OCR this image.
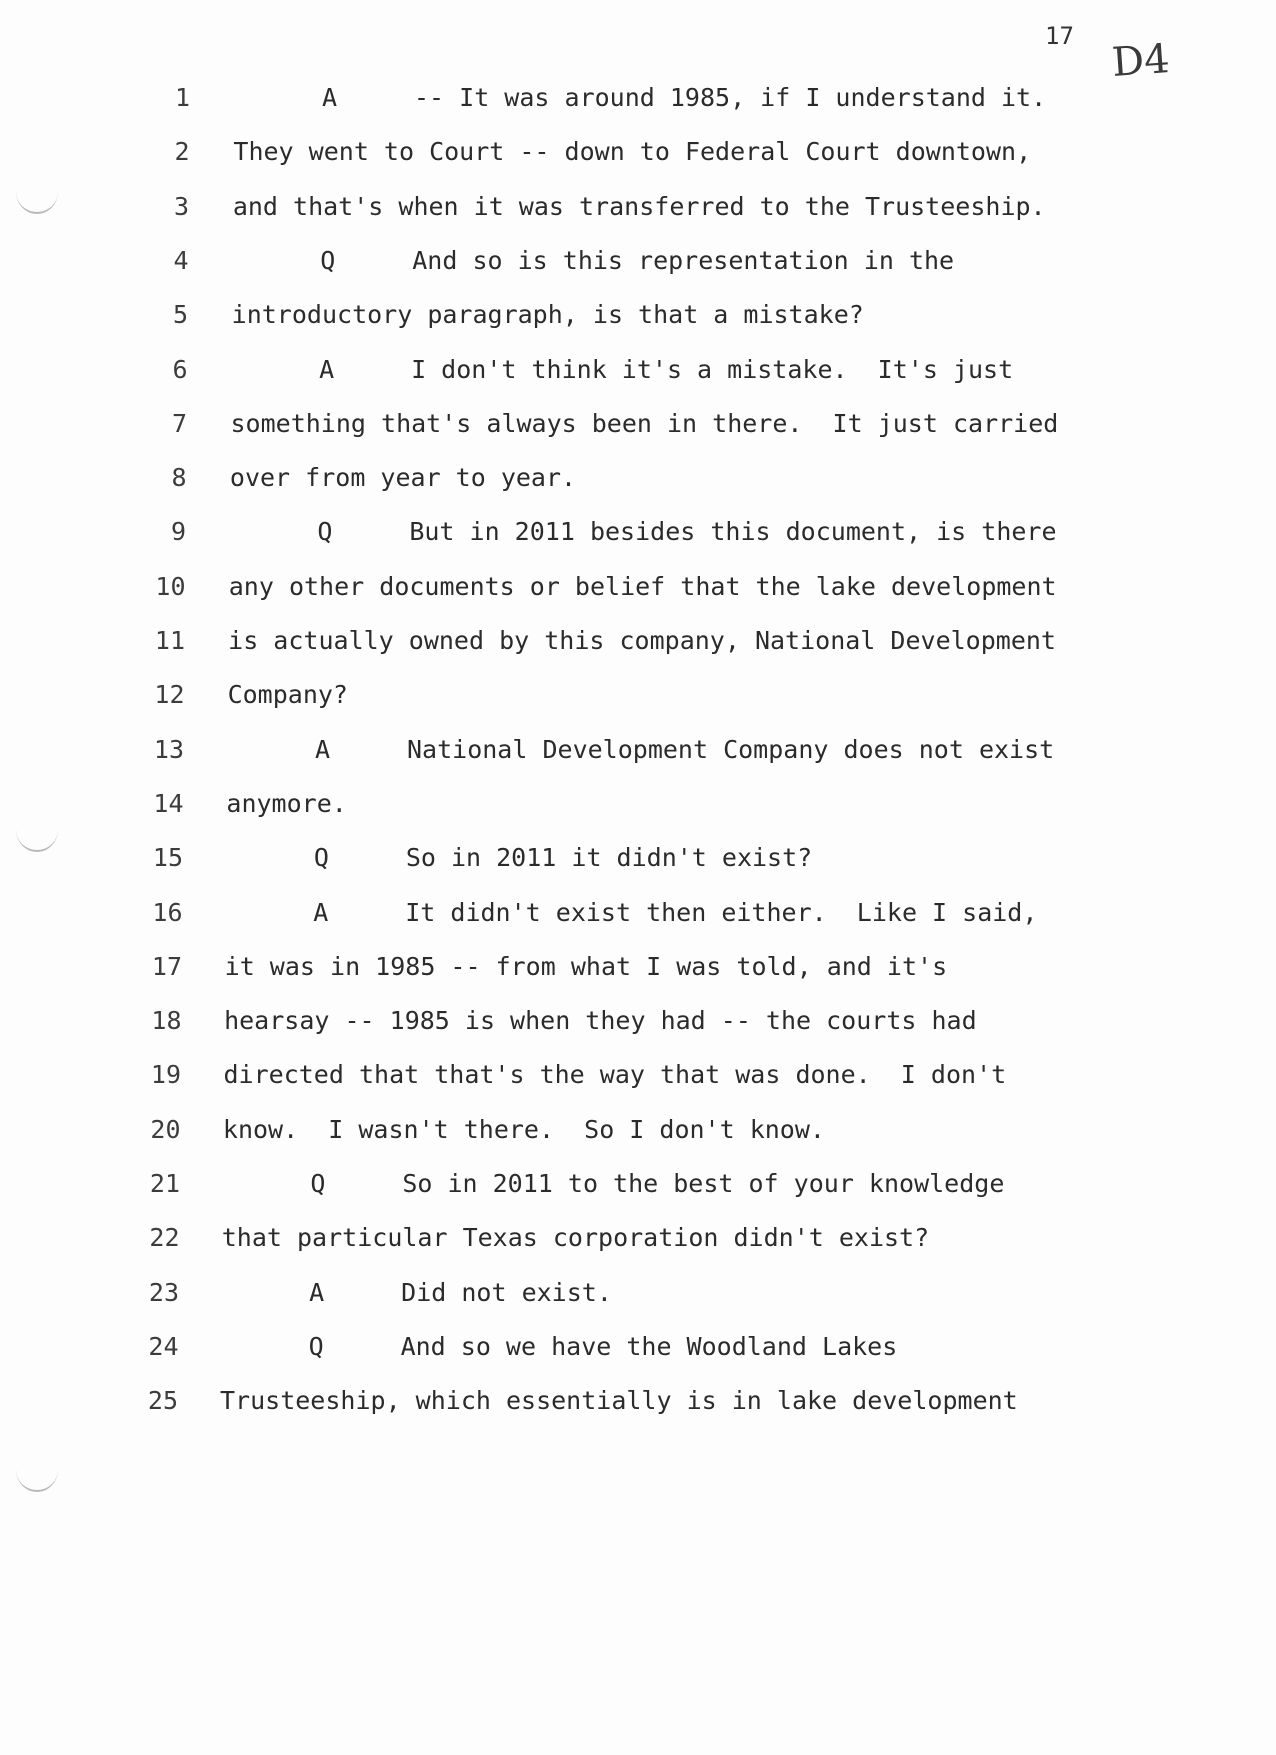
17
D4
1	A	-- It was around 1985, if I understand it.
2 They went to Court -- down to Federal Court downtown,
3 and that's when it was transferred to the Trusteeship.
4	Q	And so is this representation in the
5 introductory paragraph, is that a mistake?
6	A	I don't think it's a mistake.  It's just
7 something that's always been in there.  It just carried
8 over from year to year.
9	Q	But in 2011 besides this document, is there
10 any other documents or belief that the lake development
11 is actually owned by this company, National Development
12 Company?
13	A	National Development Company does not exist
14 anymore.
15	Q	So in 2011 it didn't exist?
16	A	It didn't exist then either.  Like I said,
17 it was in 1985 -- from what I was told, and it's
18 hearsay -- 1985 is when they had -- the courts had
19 directed that that's the way that was done.  I don't
20 know.  I wasn't there.  So I don't know.
21	Q	So in 2011 to the best of your knowledge
22 that particular Texas corporation didn't exist?
23	A	Did not exist.
24	Q	And so we have the Woodland Lakes
25 Trusteeship, which essentially is in lake development
